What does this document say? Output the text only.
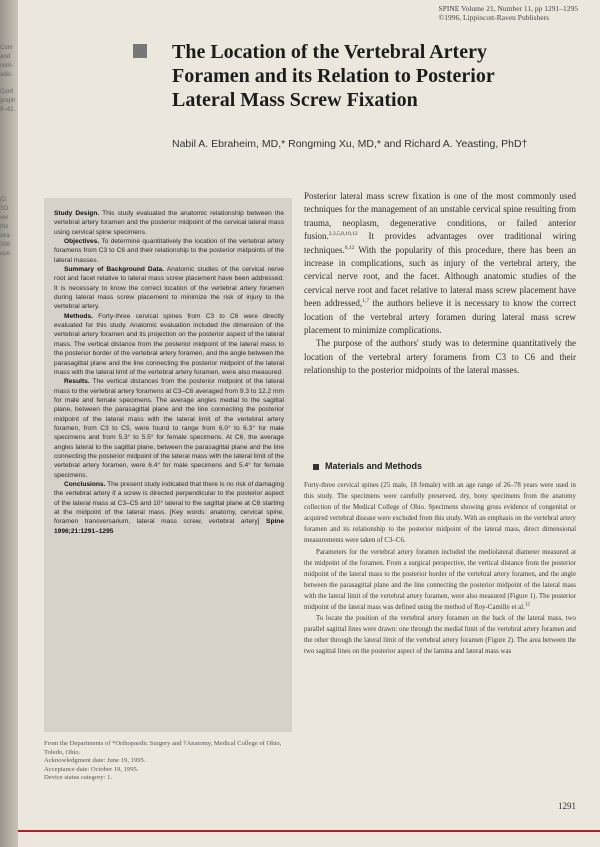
Com
and
com-
adic-
Cord
graph
9–42.
(D
SD
ver
tho
oka
366
epe
SPINE Volume 21, Number 11, pp 1291–1295
©1996, Lippincott-Raven Publishers
The Location of the Vertebral Artery Foramen and its Relation to Posterior Lateral Mass Screw Fixation
Nabil A. Ebraheim, MD,* Rongming Xu, MD,* and Richard A. Yeasting, PhD†

Study Design. This study evaluated the anatomic relationship between the vertebral artery foramen and the posterior midpoint of the cervical lateral mass using cervical spine specimens.

Objectives. To determine quantitatively the location of the vertebral artery foramens from C3 to C6 and their relationship to the posterior midpoints of the lateral masses.

Summary of Background Data. Anatomic studies of the cervical nerve root and facet relative to lateral mass screw placement have been addressed. It is necessary to know the correct location of the vertebral artery foramen during lateral mass screw placement to minimize the risk of injury to the vertebral artery.

Methods. Forty-three cervical spines from C3 to C6 were directly evaluated for this study. Anatomic evaluation included the dimension of the vertebral artery foramen and its projection on the posterior aspect of the lateral mass. The vertical distance from the posterior midpoint of the lateral mass to the posterior border of the vertebral artery foramen, and the angle between the parasagittal plane and the line connecting the posterior midpoint of the lateral mass with the lateral limit of the vertebral artery foramen, were also measured.

Results. The vertical distances from the posterior midpoint of the lateral mass to the vertebral artery foramens at C3–C6 averaged from 9.3 to 12.2 mm for male and female specimens. The average angles medial to the sagittal plane, between the parasagittal plane and the line connecting the posterior midpoint of the lateral mass with the lateral limit of the vertebral artery foramen, from C3 to C5, were found to range from 6.0° to 6.3° for male specimens and from 5.3° to 5.5° for female specimens. At C6, the average angles lateral to the sagittal plane, between the parasagittal plane and the line connecting the posterior midpoint of the lateral mass with the lateral limit of the vertebral artery foramen, were 6.4° for male specimens and 5.4° for female specimens.

Conclusions. The present study indicated that there is no risk of damaging the vertebral artery if a screw is directed perpendicular to the posterior aspect of the lateral mass at C3–C5 and 10° lateral to the sagittal plane at C6 starting at the midpoint of the lateral mass. [Key words: anatomy, cervical spine, foramen transversarium, lateral mass screw, vertebral artery] Spine 1996;21:1291–1295

From the Departments of *Orthopaedic Surgery and †Anatomy, Medical College of Ohio, Toledo, Ohio.
Acknowledgment date: June 19, 1995.
Acceptance date: October 19, 1995.
Device status category: 1.

Posterior lateral mass screw fixation is one of the most commonly used techniques for the management of an unstable cervical spine resulting from trauma, neoplasm, degenerative conditions, or failed anterior fusion.$^{2,3,5,8,10,12}$ It provides advantages over traditional wiring techniques.$^{6,12}$ With the popularity of this procedure, there has been an increase in complications, such as injury of the vertebral artery, the cervical nerve root, and the facet. Although anatomic studies of the cervical nerve root and facet relative to lateral mass screw placement have been addressed,$^{1,7}$ the authors believe it is necessary to know the correct location of the vertebral artery foramen during lateral mass screw placement to minimize complications.

The purpose of the authors' study was to determine quantitatively the location of the vertebral artery foramens from C3 to C6 and their relationship to the posterior midpoints of the lateral masses.

Materials and Methods

Forty-three cervical spines (25 male, 18 female) with an age range of 26–78 years were used in this study. The specimens were carefully preserved, dry, bony specimens from the anatomy collection of the Medical College of Ohio. Specimens showing gross evidence of congenital or acquired vertebral disease were excluded from this study. With an emphasis on the vertebral artery foramen and its relationship to the posterior midpoint of the lateral mass, direct dimensional measurements were taken of C3–C6.

Parameters for the vertebral artery foramen included the mediolateral diameter measured at the midpoint of the foramen. From a surgical perspective, the vertical distance from the posterior midpoint of the lateral mass to the posterior border of the vertebral artery foramen, and the angle between the parasagittal plane and the line connecting the posterior midpoint of the lateral mass with the lateral limit of the vertebral artery foramen, were also measured (Figure 1). The posterior midpoint of the lateral mass was defined using the method of Roy-Camille et al.$^{12}$

To locate the position of the vertebral artery foramen on the back of the lateral mass, two parallel sagittal lines were drawn: one through the medial limit of the vertebral artery foramen and the other through the lateral limit of the vertebral artery foramen (Figure 2). The area between the two sagittal lines on the posterior aspect of the lamina and lateral mass was

1291
